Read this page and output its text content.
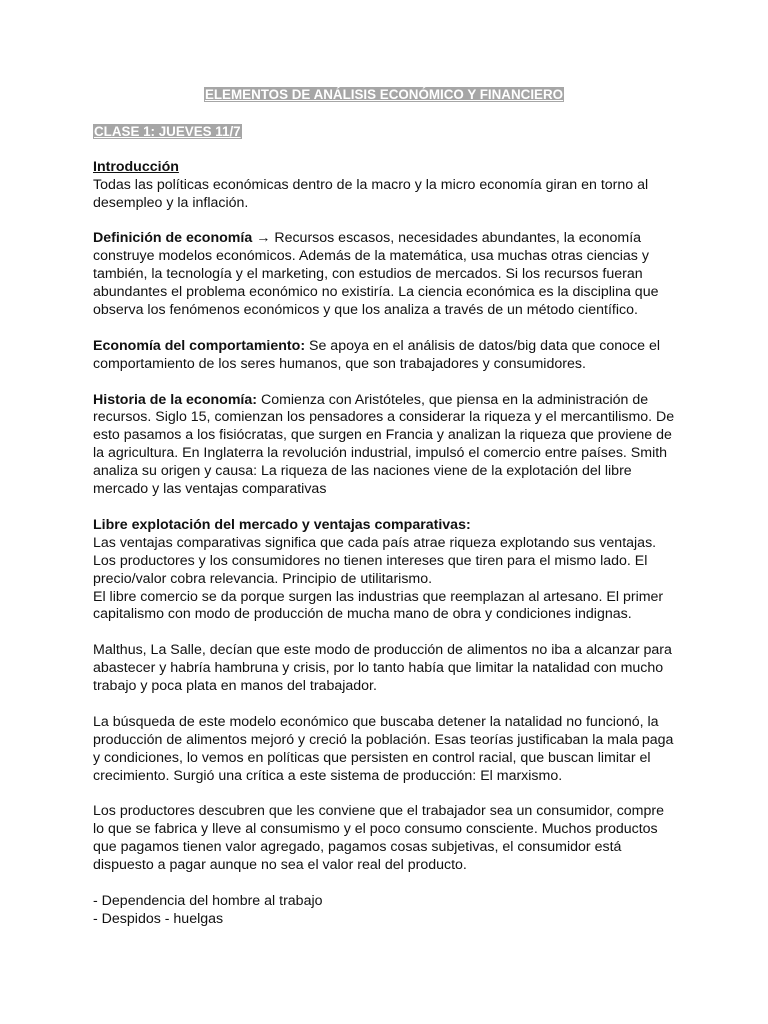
ELEMENTOS DE ANÁLISIS ECONÓMICO Y FINANCIERO
CLASE 1: JUEVES 11/7

Introducción
Todas las políticas económicas dentro de la macro y la micro economía giran en torno al desempleo y la inflación.

Definición de economía → Recursos escasos, necesidades abundantes, la economía construye modelos económicos. Además de la matemática, usa muchas otras ciencias y también, la tecnología y el marketing, con estudios de mercados. Si los recursos fueran abundantes el problema económico no existiría. La ciencia económica es la disciplina que observa los fenómenos económicos y que los analiza a través de un método científico.

Economía del comportamiento: Se apoya en el análisis de datos/big data que conoce el comportamiento de los seres humanos, que son trabajadores y consumidores.

Historia de la economía: Comienza con Aristóteles, que piensa en la administración de recursos. Siglo 15, comienzan los pensadores a considerar la riqueza y el mercantilismo. De esto pasamos a los fisiócratas, que surgen en Francia y analizan la riqueza que proviene de la agricultura. En Inglaterra la revolución industrial, impulsó el comercio entre países. Smith analiza su origen y causa: La riqueza de las naciones viene de la explotación del libre mercado y las ventajas comparativas

Libre explotación del mercado y ventajas comparativas:
Las ventajas comparativas significa que cada país atrae riqueza explotando sus ventajas. Los productores y los consumidores no tienen intereses que tiren para el mismo lado. El precio/valor cobra relevancia. Principio de utilitarismo.
El libre comercio se da porque surgen las industrias que reemplazan al artesano. El primer capitalismo con modo de producción de mucha mano de obra y condiciones indignas.

Malthus, La Salle, decían que este modo de producción de alimentos no iba a alcanzar para abastecer y habría hambruna y crisis, por lo tanto había que limitar la natalidad con mucho trabajo y poca plata en manos del trabajador.

La búsqueda de este modelo económico que buscaba detener la natalidad no funcionó, la producción de alimentos mejoró y creció la población. Esas teorías justificaban la mala paga y condiciones, lo vemos en políticas que persisten en control racial, que buscan limitar el crecimiento. Surgió una crítica a este sistema de producción: El marxismo.

Los productores descubren que les conviene que el trabajador sea un consumidor, compre lo que se fabrica y lleve al consumismo y el poco consumo consciente. Muchos productos que pagamos tienen valor agregado, pagamos cosas subjetivas, el consumidor está dispuesto a pagar aunque no sea el valor real del producto.

- Dependencia del hombre al trabajo
- Despidos - huelgas
